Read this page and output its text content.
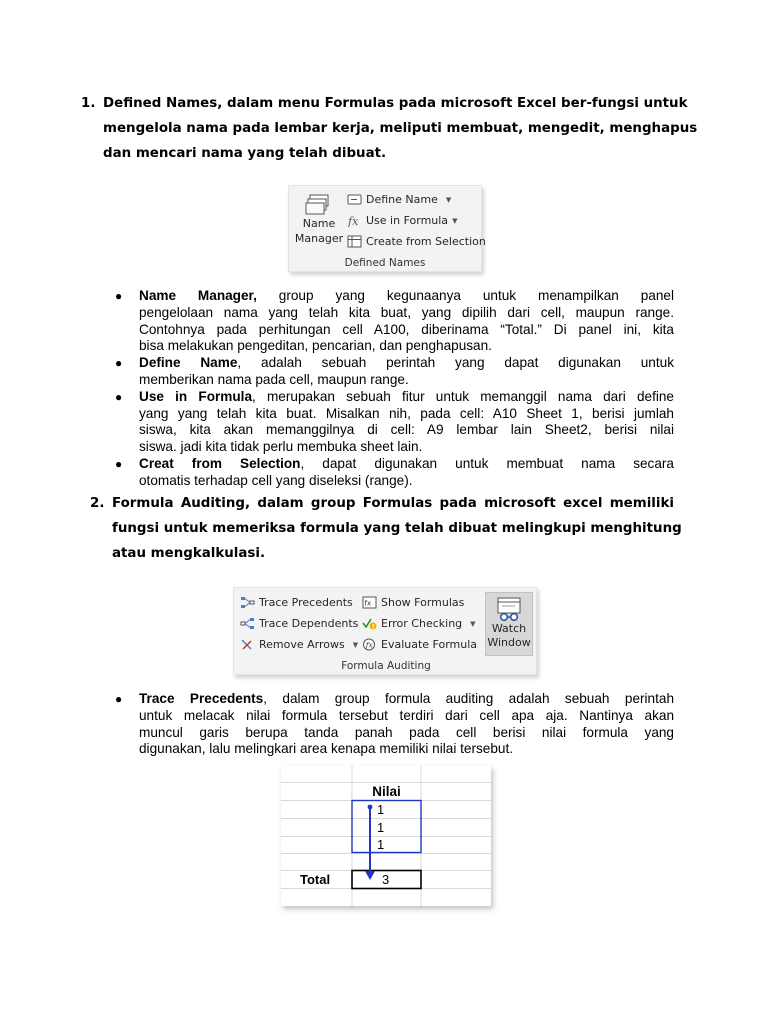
1. Defined Names, dalam menu Formulas pada microsoft Excel ber-fungsi untuk
mengelola nama pada lembar kerja, meliputi membuat, mengedit, menghapus
dan mencari nama yang telah dibuat.
Name
Manager
Define Name ▼
fx Use in Formula ▼
Create from Selection
Defined Names
● Name Manager, group yang kegunaanya untuk menampilkan panel
pengelolaan nama yang telah kita buat, yang dipilih dari cell, maupun range.
Contohnya pada perhitungan cell A100, diberinama “Total.” Di panel ini, kita
bisa melakukan pengeditan, pencarian, dan penghapusan.
● Define Name, adalah sebuah perintah yang dapat digunakan untuk
memberikan nama pada cell, maupun range.
● Use in Formula, merupakan sebuah fitur untuk memanggil nama dari define
yang yang telah kita buat. Misalkan nih, pada cell: A10 Sheet 1, berisi jumlah
siswa, kita akan memanggilnya di cell: A9 lembar lain Sheet2, berisi nilai
siswa. jadi kita tidak perlu membuka sheet lain.
● Creat from Selection, dapat digunakan untuk membuat nama secara
otomatis terhadap cell yang diseleksi (range).
2. Formula Auditing, dalam group Formulas pada microsoft excel memiliki
fungsi untuk memeriksa formula yang telah dibuat melingkupi menghitung
atau mengkalkulasi.
Trace Precedents
Trace Dependents
Remove Arrows ▼
fx Show Formulas
! Error Checking ▼
fx Evaluate Formula
Watch
Window
Formula Auditing
● Trace Precedents, dalam group formula auditing adalah sebuah perintah
untuk melacak nilai formula tersebut terdiri dari cell apa aja. Nantinya akan
muncul garis berupa tanda panah pada cell berisi nilai formula yang
digunakan, lalu melingkari area kenapa memiliki nilai tersebut.
Nilai
1
1
1
Total	3
